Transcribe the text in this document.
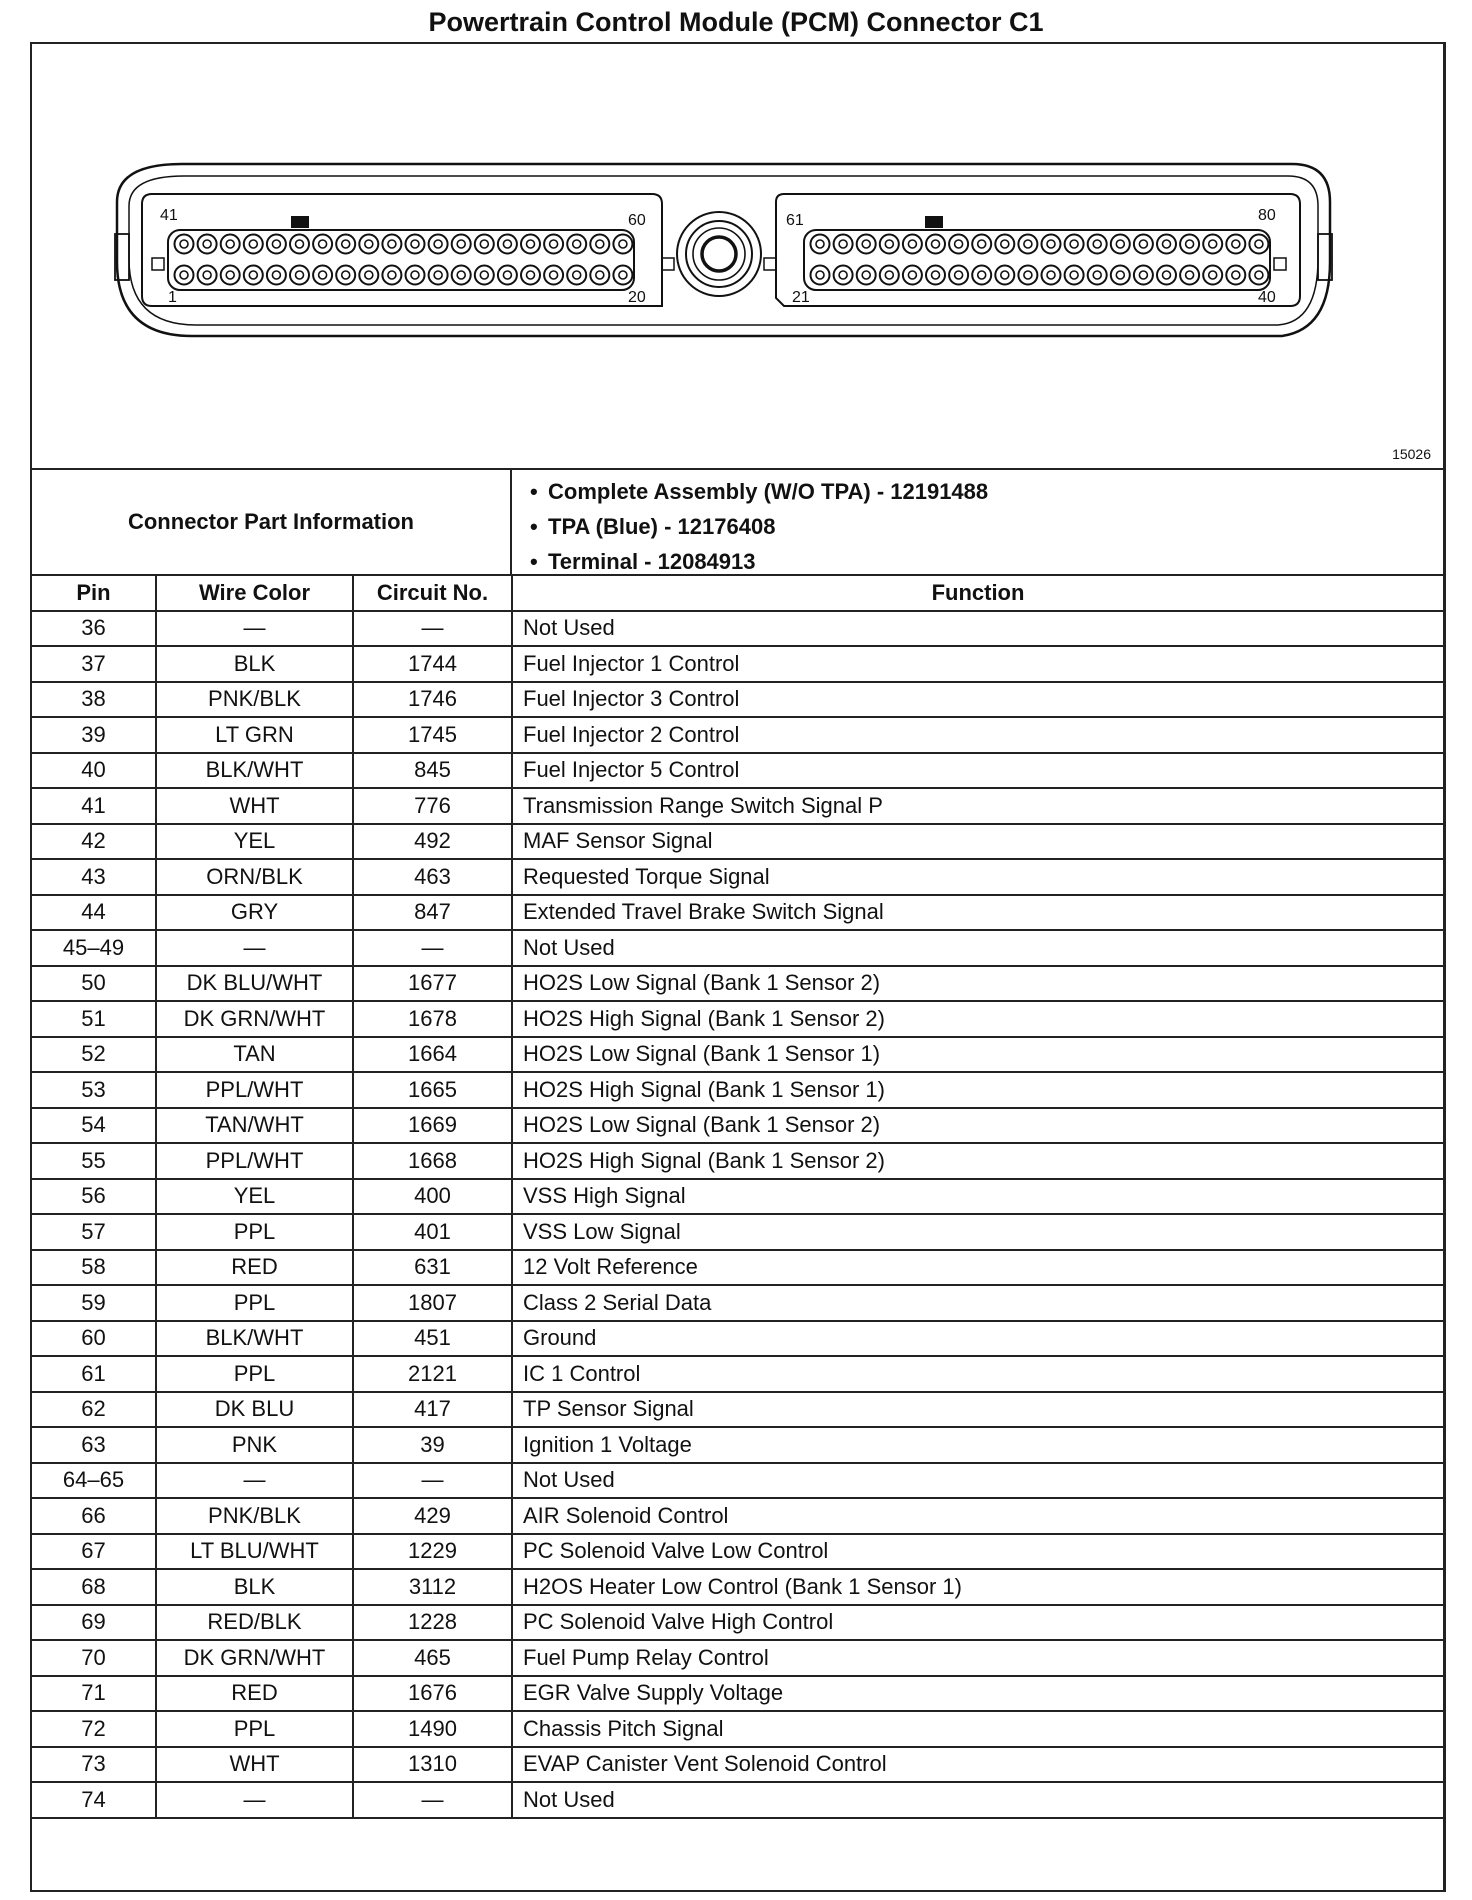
Powertrain Control Module (PCM) Connector C1
41	60
1	20
61	80
21	40
15026
Connector Part Information
• Complete Assembly (W/O TPA) - 12191488
• TPA (Blue) - 12176408
• Terminal - 12084913
Pin	Wire Color	Circuit No.	Function
36	—	—	Not Used
37	BLK	1744	Fuel Injector 1 Control
38	PNK/BLK	1746	Fuel Injector 3 Control
39	LT GRN	1745	Fuel Injector 2 Control
40	BLK/WHT	845	Fuel Injector 5 Control
41	WHT	776	Transmission Range Switch Signal P
42	YEL	492	MAF Sensor Signal
43	ORN/BLK	463	Requested Torque Signal
44	GRY	847	Extended Travel Brake Switch Signal
45–49	—	—	Not Used
50	DK BLU/WHT	1677	HO2S Low Signal (Bank 1 Sensor 2)
51	DK GRN/WHT	1678	HO2S High Signal (Bank 1 Sensor 2)
52	TAN	1664	HO2S Low Signal (Bank 1 Sensor 1)
53	PPL/WHT	1665	HO2S High Signal (Bank 1 Sensor 1)
54	TAN/WHT	1669	HO2S Low Signal (Bank 1 Sensor 2)
55	PPL/WHT	1668	HO2S High Signal (Bank 1 Sensor 2)
56	YEL	400	VSS High Signal
57	PPL	401	VSS Low Signal
58	RED	631	12 Volt Reference
59	PPL	1807	Class 2 Serial Data
60	BLK/WHT	451	Ground
61	PPL	2121	IC 1 Control
62	DK BLU	417	TP Sensor Signal
63	PNK	39	Ignition 1 Voltage
64–65	—	—	Not Used
66	PNK/BLK	429	AIR Solenoid Control
67	LT BLU/WHT	1229	PC Solenoid Valve Low Control
68	BLK	3112	H2OS Heater Low Control (Bank 1 Sensor 1)
69	RED/BLK	1228	PC Solenoid Valve High Control
70	DK GRN/WHT	465	Fuel Pump Relay Control
71	RED	1676	EGR Valve Supply Voltage
72	PPL	1490	Chassis Pitch Signal
73	WHT	1310	EVAP Canister Vent Solenoid Control
74	—	—	Not Used
